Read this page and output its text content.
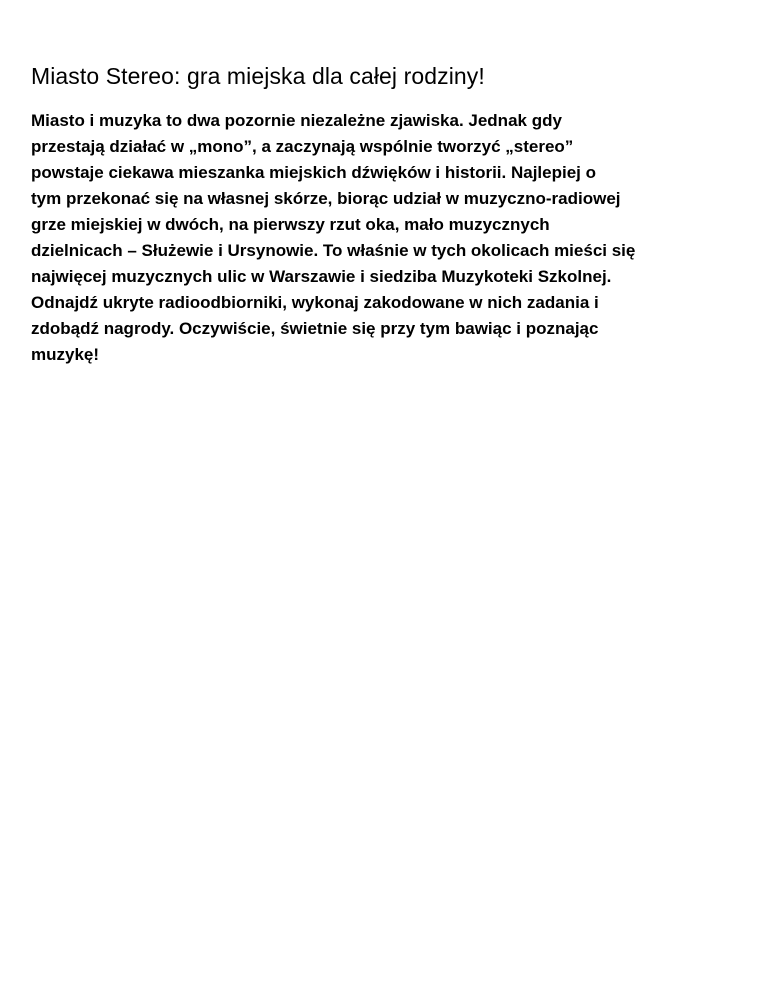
Miasto Stereo: gra miejska dla całej rodziny!

Miasto i muzyka to dwa pozornie niezależne zjawiska. Jednak gdy
przestają działać w „mono”, a zaczynają wspólnie tworzyć „stereo”
powstaje ciekawa mieszanka miejskich dźwięków i historii. Najlepiej o
tym przekonać się na własnej skórze, biorąc udział w muzyczno-radiowej
grze miejskiej w dwóch, na pierwszy rzut oka, mało muzycznych
dzielnicach – Służewie i Ursynowie. To właśnie w tych okolicach mieści się
najwięcej muzycznych ulic w Warszawie i siedziba Muzykoteki Szkolnej.
Odnajdź ukryte radioodbiorniki, wykonaj zakodowane w nich zadania i
zdobądź nagrody. Oczywiście, świetnie się przy tym bawiąc i poznając
muzykę!
